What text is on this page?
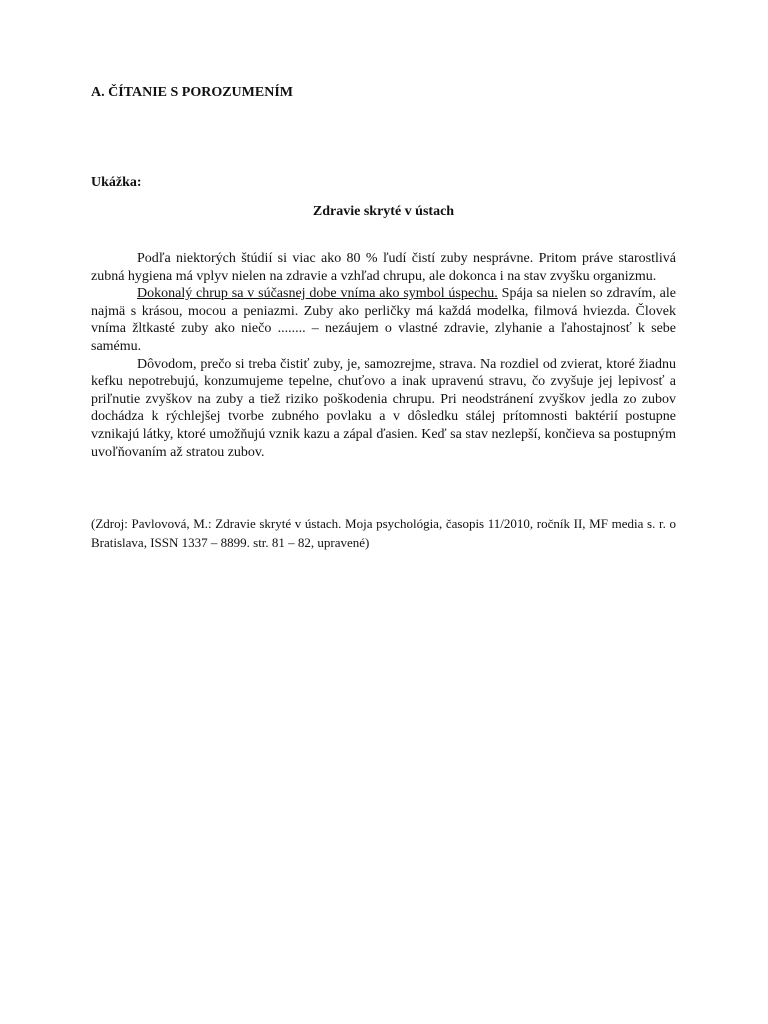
A. ČÍTANIE S POROZUMENÍM
Ukážka:
Zdravie skryté v ústach

Podľa niektorých štúdií si viac ako 80 % ľudí čistí zuby nesprávne. Pritom práve starostlivá zubná hygiena má vplyv nielen na zdravie a vzhľad chrupu, ale dokonca i na stav zvyšku organizmu.

Dokonalý chrup sa v súčasnej dobe vníma ako symbol úspechu. Spája sa nielen so zdravím, ale najmä s krásou, mocou a peniazmi. Zuby ako perličky má každá modelka, filmová hviezda. Človek vníma žltkasté zuby ako niečo ........ – nezáujem o vlastné zdravie, zlyhanie a ľahostajnosť k sebe samému.

Dôvodom, prečo si treba čistiť zuby, je, samozrejme, strava. Na rozdiel od zvierat, ktoré žiadnu kefku nepotrebujú, konzumujeme tepelne, chuťovo a inak upravenú stravu, čo zvyšuje jej lepivosť a priľnutie zvyškov na zuby a tiež riziko poškodenia chrupu. Pri neodstránení zvyškov jedla zo zubov dochádza k rýchlejšej tvorbe zubného povlaku a v dôsledku stálej prítomnosti baktérií postupne vznikajú látky, ktoré umožňujú vznik kazu a zápal ďasien. Keď sa stav nezlepší, končieva sa postupným uvoľňovaním až stratou zubov.

(Zdroj: Pavlovová, M.: Zdravie skryté v ústach. Moja psychológia, časopis 11/2010, ročník II, MF media s. r. o Bratislava, ISSN 1337 – 8899. str. 81 – 82, upravené)
